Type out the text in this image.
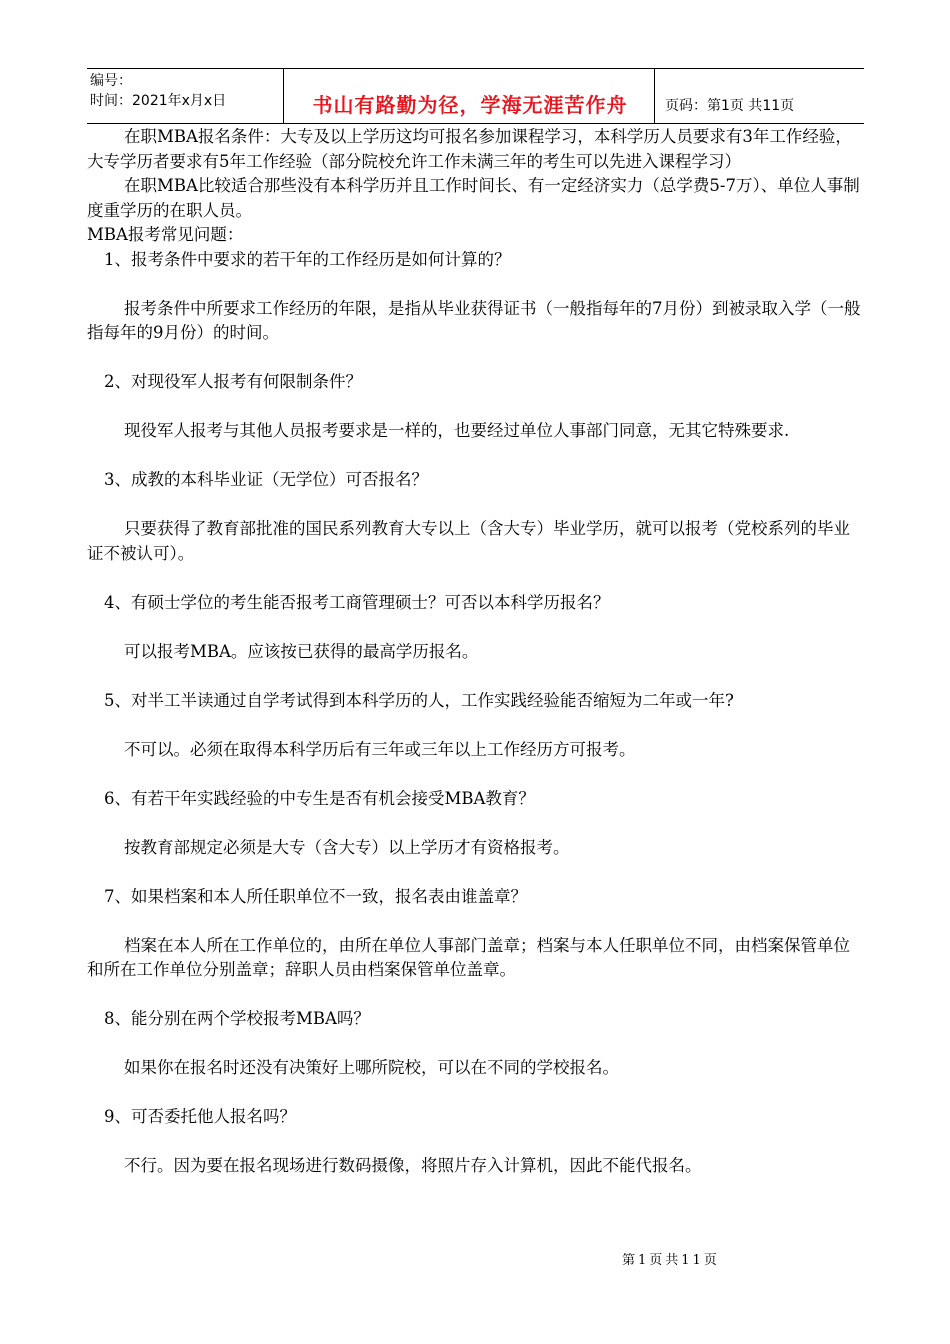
编号：
时间：2021年x月x日	书山有路勤为径，学海无涯苦作舟	页码：第1页 共11页

在职MBA报名条件：大专及以上学历这均可报名参加课程学习，本科学历人员要求有3年工作经验，大专学历者要求有5年工作经验（部分院校允许工作未满三年的考生可以先进入课程学习）

在职MBA比较适合那些没有本科学历并且工作时间长、有一定经济实力（总学费5-7万）、单位人事制度重学历的在职人员。

MBA报考常见问题：

1、报考条件中要求的若干年的工作经历是如何计算的？

报考条件中所要求工作经历的年限，是指从毕业获得证书（一般指每年的7月份）到被录取入学（一般指每年的9月份）的时间。

2、对现役军人报考有何限制条件？

现役军人报考与其他人员报考要求是一样的，也要经过单位人事部门同意，无其它特殊要求.

3、成教的本科毕业证（无学位）可否报名？

只要获得了教育部批准的国民系列教育大专以上（含大专）毕业学历，就可以报考（党校系列的毕业证不被认可）。

4、有硕士学位的考生能否报考工商管理硕士？可否以本科学历报名？

可以报考MBA。应该按已获得的最高学历报名。

5、对半工半读通过自学考试得到本科学历的人，工作实践经验能否缩短为二年或一年?

不可以。必须在取得本科学历后有三年或三年以上工作经历方可报考。

6、有若干年实践经验的中专生是否有机会接受MBA教育？

按教育部规定必须是大专（含大专）以上学历才有资格报考。

7、如果档案和本人所任职单位不一致，报名表由谁盖章？

档案在本人所在工作单位的，由所在单位人事部门盖章；档案与本人任职单位不同，由档案保管单位和所在工作单位分别盖章；辞职人员由档案保管单位盖章。

8、能分别在两个学校报考MBA吗？

如果你在报名时还没有决策好上哪所院校，可以在不同的学校报名。

9、可否委托他人报名吗？

不行。因为要在报名现场进行数码摄像，将照片存入计算机，因此不能代报名。

第1页共11页
